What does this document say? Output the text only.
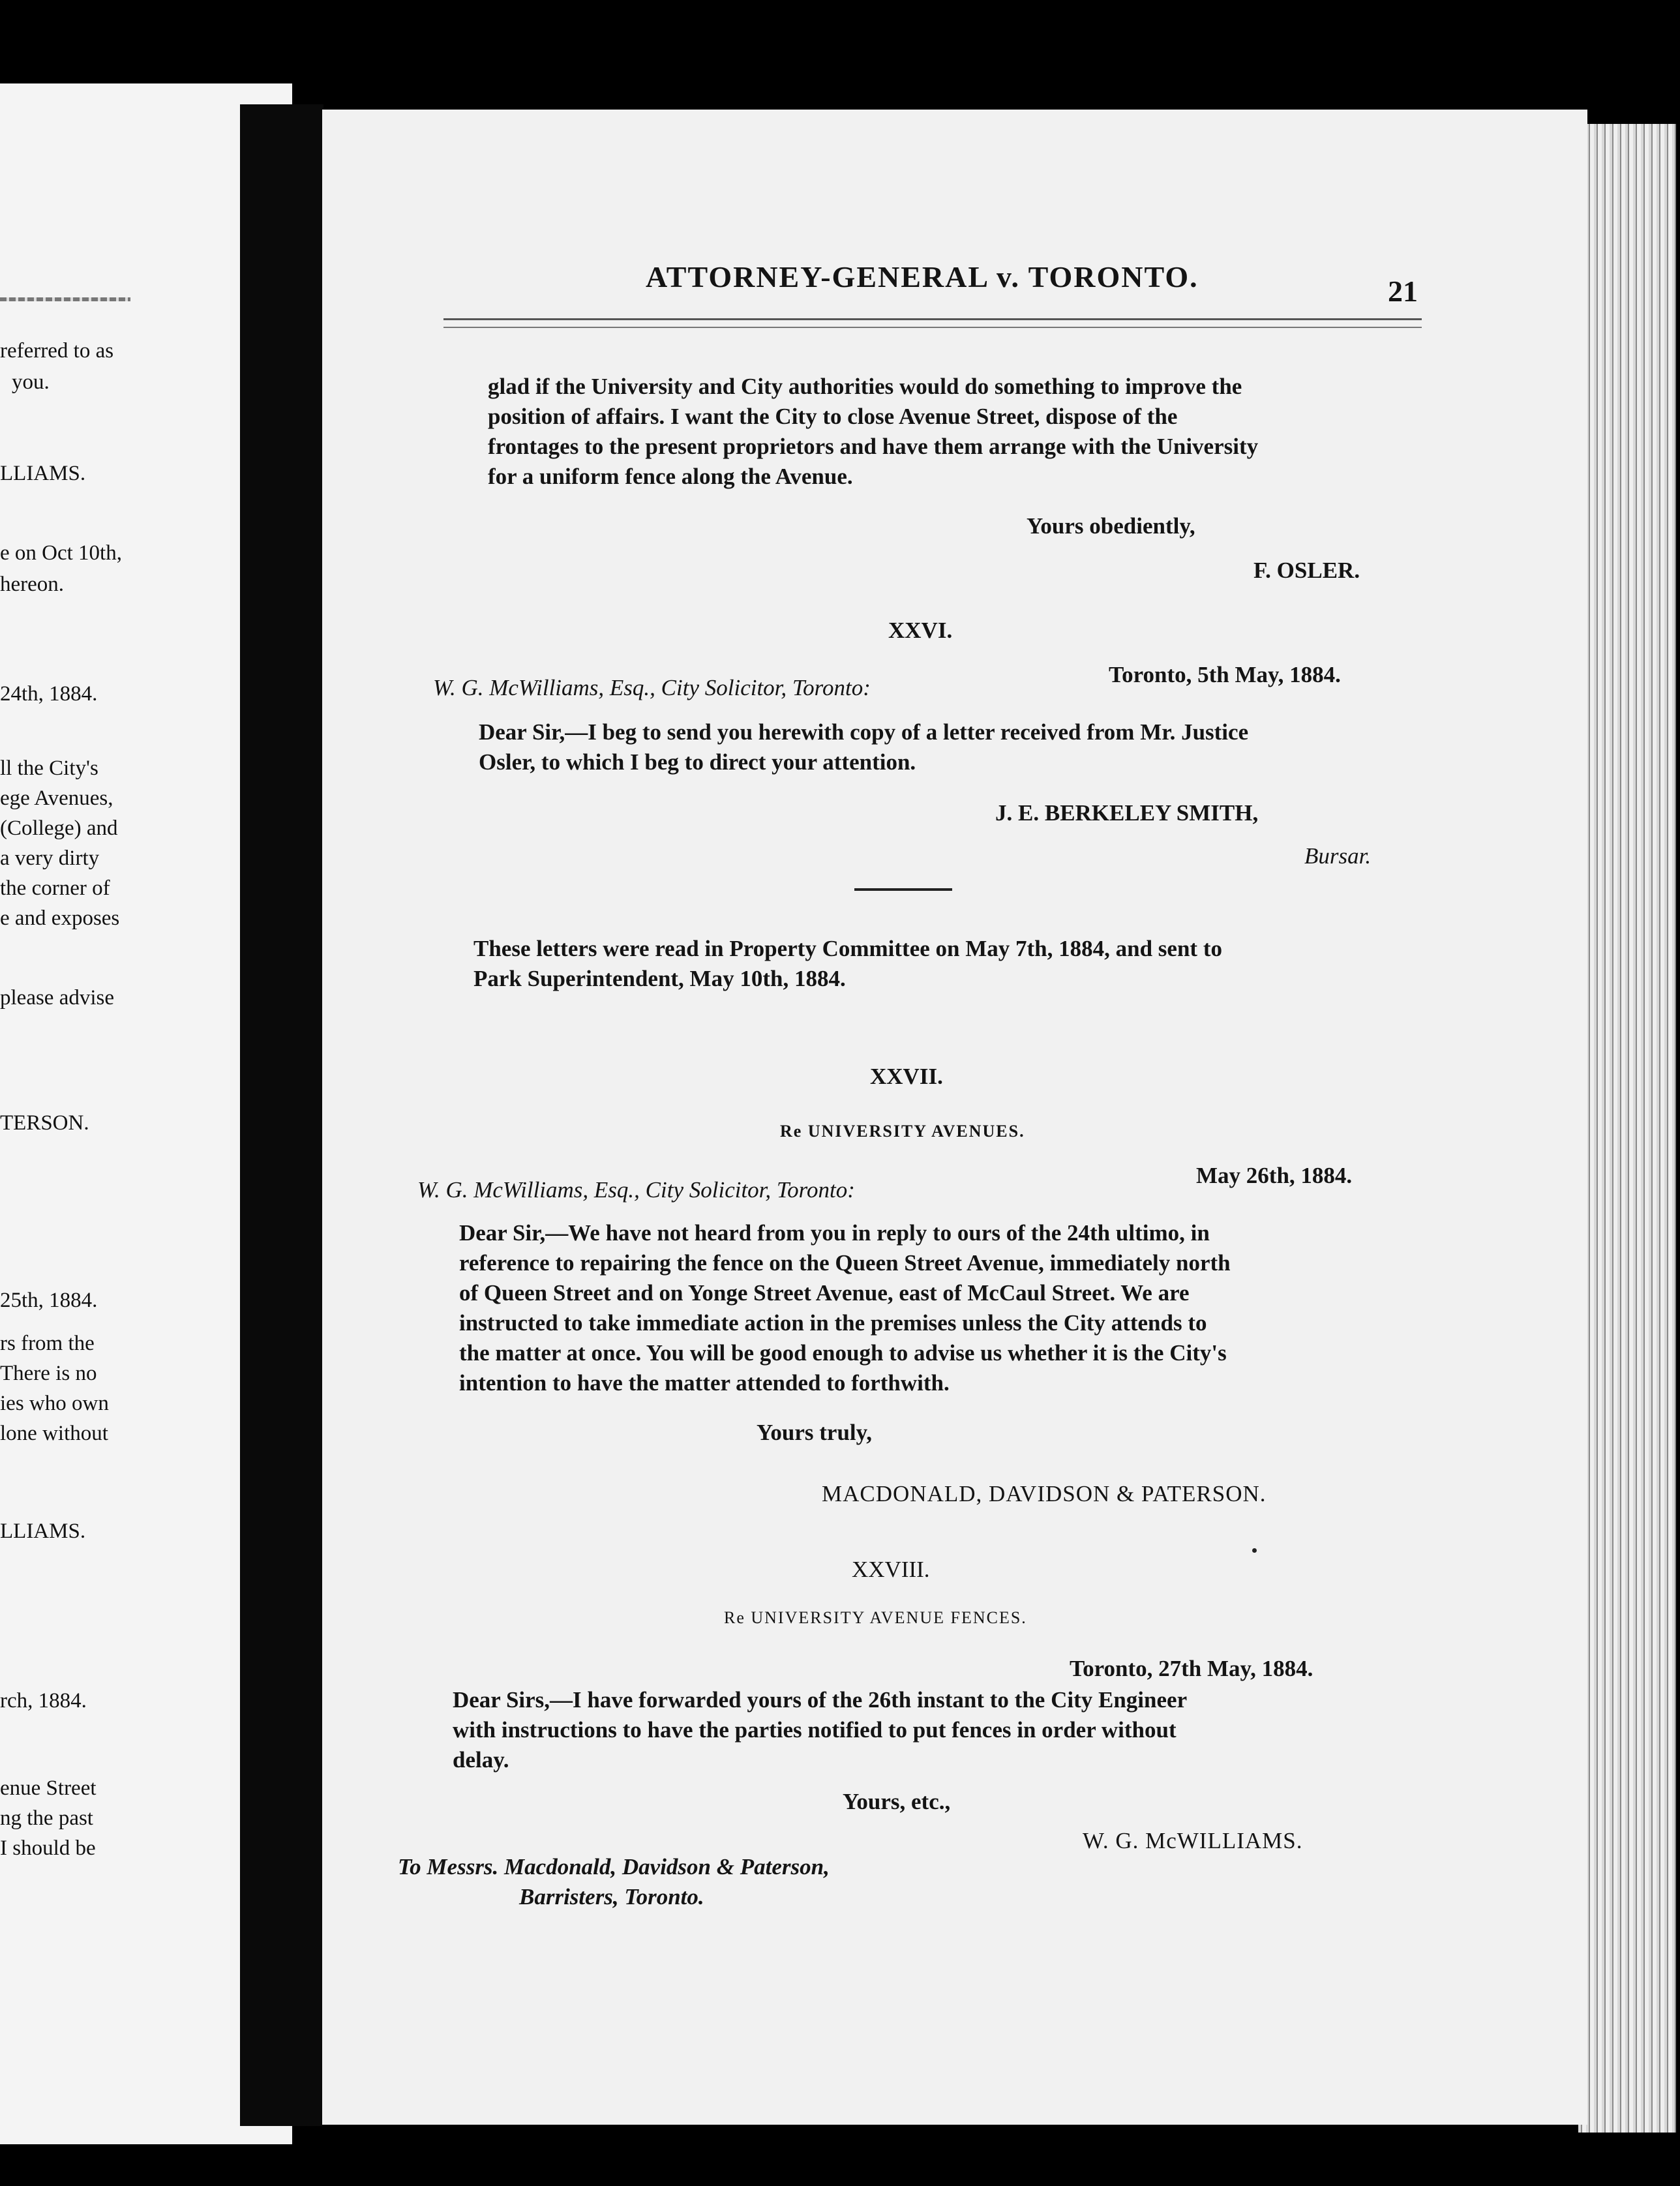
referred to as
you.
LLIAMS.
e on Oct 10th,
hereon.
24th, 1884.
ll the City's
ege Avenues,
(College) and
a very dirty
the corner of
e and exposes
please advise
TERSON.
25th, 1884.
rs from the
There is no
ies who own
lone without
LLIAMS.
rch, 1884.
enue Street
ng the past
I should be
ATTORNEY-GENERAL v. TORONTO.	21
glad if the University and City authorities would do something to improve the
position of affairs. I want the City to close Avenue Street, dispose of the
frontages to the present proprietors and have them arrange with the University
for a uniform fence along the Avenue.
Yours obediently,
F. OSLER.
XXVI.
Toronto, 5th May, 1884.
W. G. McWilliams, Esq., City Solicitor, Toronto:
Dear Sir,—I beg to send you herewith copy of a letter received from Mr. Justice
Osler, to which I beg to direct your attention.
J. E. BERKELEY SMITH,
Bursar.
These letters were read in Property Committee on May 7th, 1884, and sent to
Park Superintendent, May 10th, 1884.
XXVII.
Re UNIVERSITY AVENUES.
May 26th, 1884.
W. G. McWilliams, Esq., City Solicitor, Toronto:
Dear Sir,—We have not heard from you in reply to ours of the 24th ultimo, in
reference to repairing the fence on the Queen Street Avenue, immediately north
of Queen Street and on Yonge Street Avenue, east of McCaul Street. We are
instructed to take immediate action in the premises unless the City attends to
the matter at once. You will be good enough to advise us whether it is the City's
intention to have the matter attended to forthwith.
Yours truly,
MACDONALD, DAVIDSON & PATERSON.
XXVIII.
Re UNIVERSITY AVENUE FENCES.
Toronto, 27th May, 1884.
Dear Sirs,—I have forwarded yours of the 26th instant to the City Engineer
with instructions to have the parties notified to put fences in order without
delay.
Yours, etc.,
W. G. McWILLIAMS.
To Messrs. Macdonald, Davidson & Paterson,
Barristers, Toronto.
